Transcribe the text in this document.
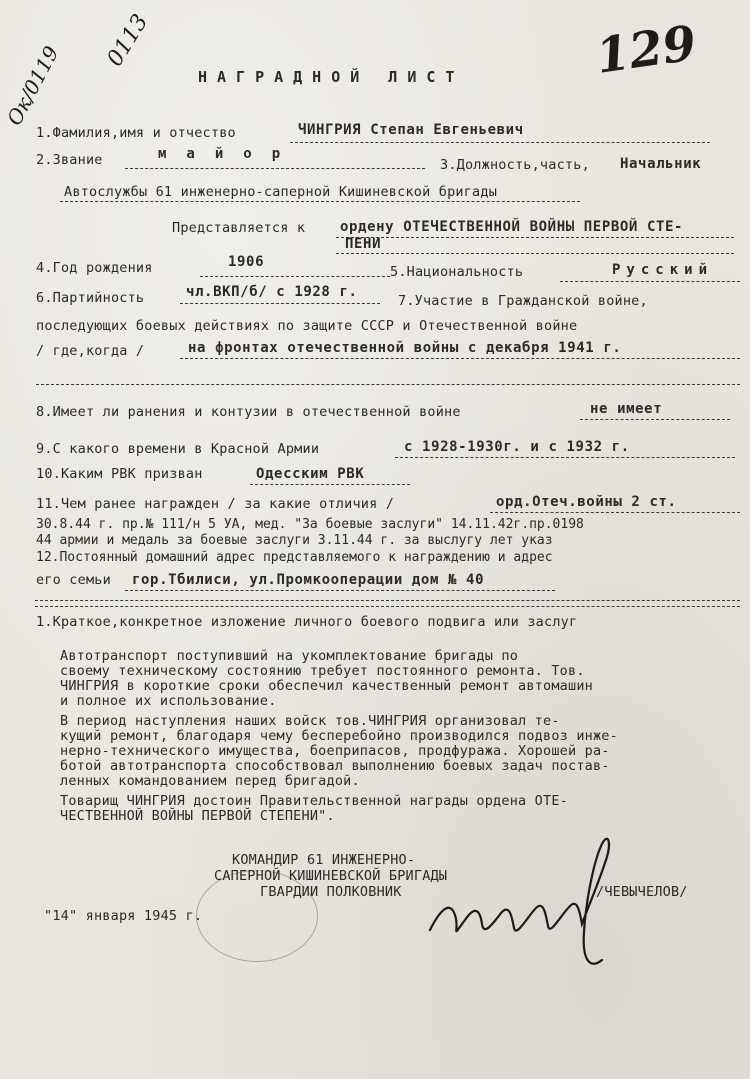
Ок/0119
0113	129
НАГРАДНОЙ ЛИСТ
1.Фамилия,имя и отчество	ЧИНГРИЯ Степан Евгеньевич
2.Звание	майор
3.Должность,часть, Начальник
Автослужбы 61 инженерно-саперной Кишиневской бригады
Представляется к ордену ОТЕЧЕСТВЕННОЙ ВОЙНЫ ПЕРВОЙ СТЕ-
ПЕНИ
4.Год рождения	1906
5.Национальность	Русский
6.Партийность	чл.ВКП/б/ с 1928 г.
7.Участие в Гражданской войне,
последующих боевых действиях по защите СССР и Отечественной войне
/ где,когда /	на фронтах отечественной войны с декабря 1941 г.
8.Имеет ли ранения и контузии в отечественной войне	не имеет
9.С какого времени в Красной Армии	с 1928-1930г. и с 1932 г.
10.Каким РВК призван	Одесским РВК
11.Чем ранее награжден / за какие отличия /	орд.Отеч.войны 2 ст.
30.8.44 г. пр.№ 111/н 5 УА, мед. "За боевые заслуги" 14.11.42г.пр.0198
44 армии и медаль за боевые заслуги 3.11.44 г. за выслугу лет указ
12.Постоянный домашний адрес представляемого к награждению и адрес
его семьи гор.Тбилиси, ул.Промкооперации дом № 40
1.Краткое,конкретное изложение личного боевого подвига или заслуг
Автотранспорт поступивший на укомплектование бригады по
своему техническому состоянию требует постоянного ремонта. Тов.
ЧИНГРИЯ в короткие сроки обеспечил качественный ремонт автомашин
и полное их использование.
В период наступления наших войск тов.ЧИНГРИЯ организовал те-
кущий ремонт, благодаря чему бесперебойно производился подвоз инже-
нерно-технического имущества, боеприпасов, продфуража. Хорошей ра-
ботой автотранспорта способствовал выполнению боевых задач постав-
ленных командованием перед бригадой.
Товарищ ЧИНГРИЯ достоин Правительственной награды ордена ОТЕ-
ЧЕСТВЕННОЙ ВОЙНЫ ПЕРВОЙ СТЕПЕНИ".
КОМАНДИР 61 ИНЖЕНЕРНО-
САПЕРНОЙ КИШИНЕВСКОЙ БРИГАДЫ
ГВАРДИИ ПОЛКОВНИК	/ЧЕВЫЧЕЛОВ/
"14" января 1945 г.
